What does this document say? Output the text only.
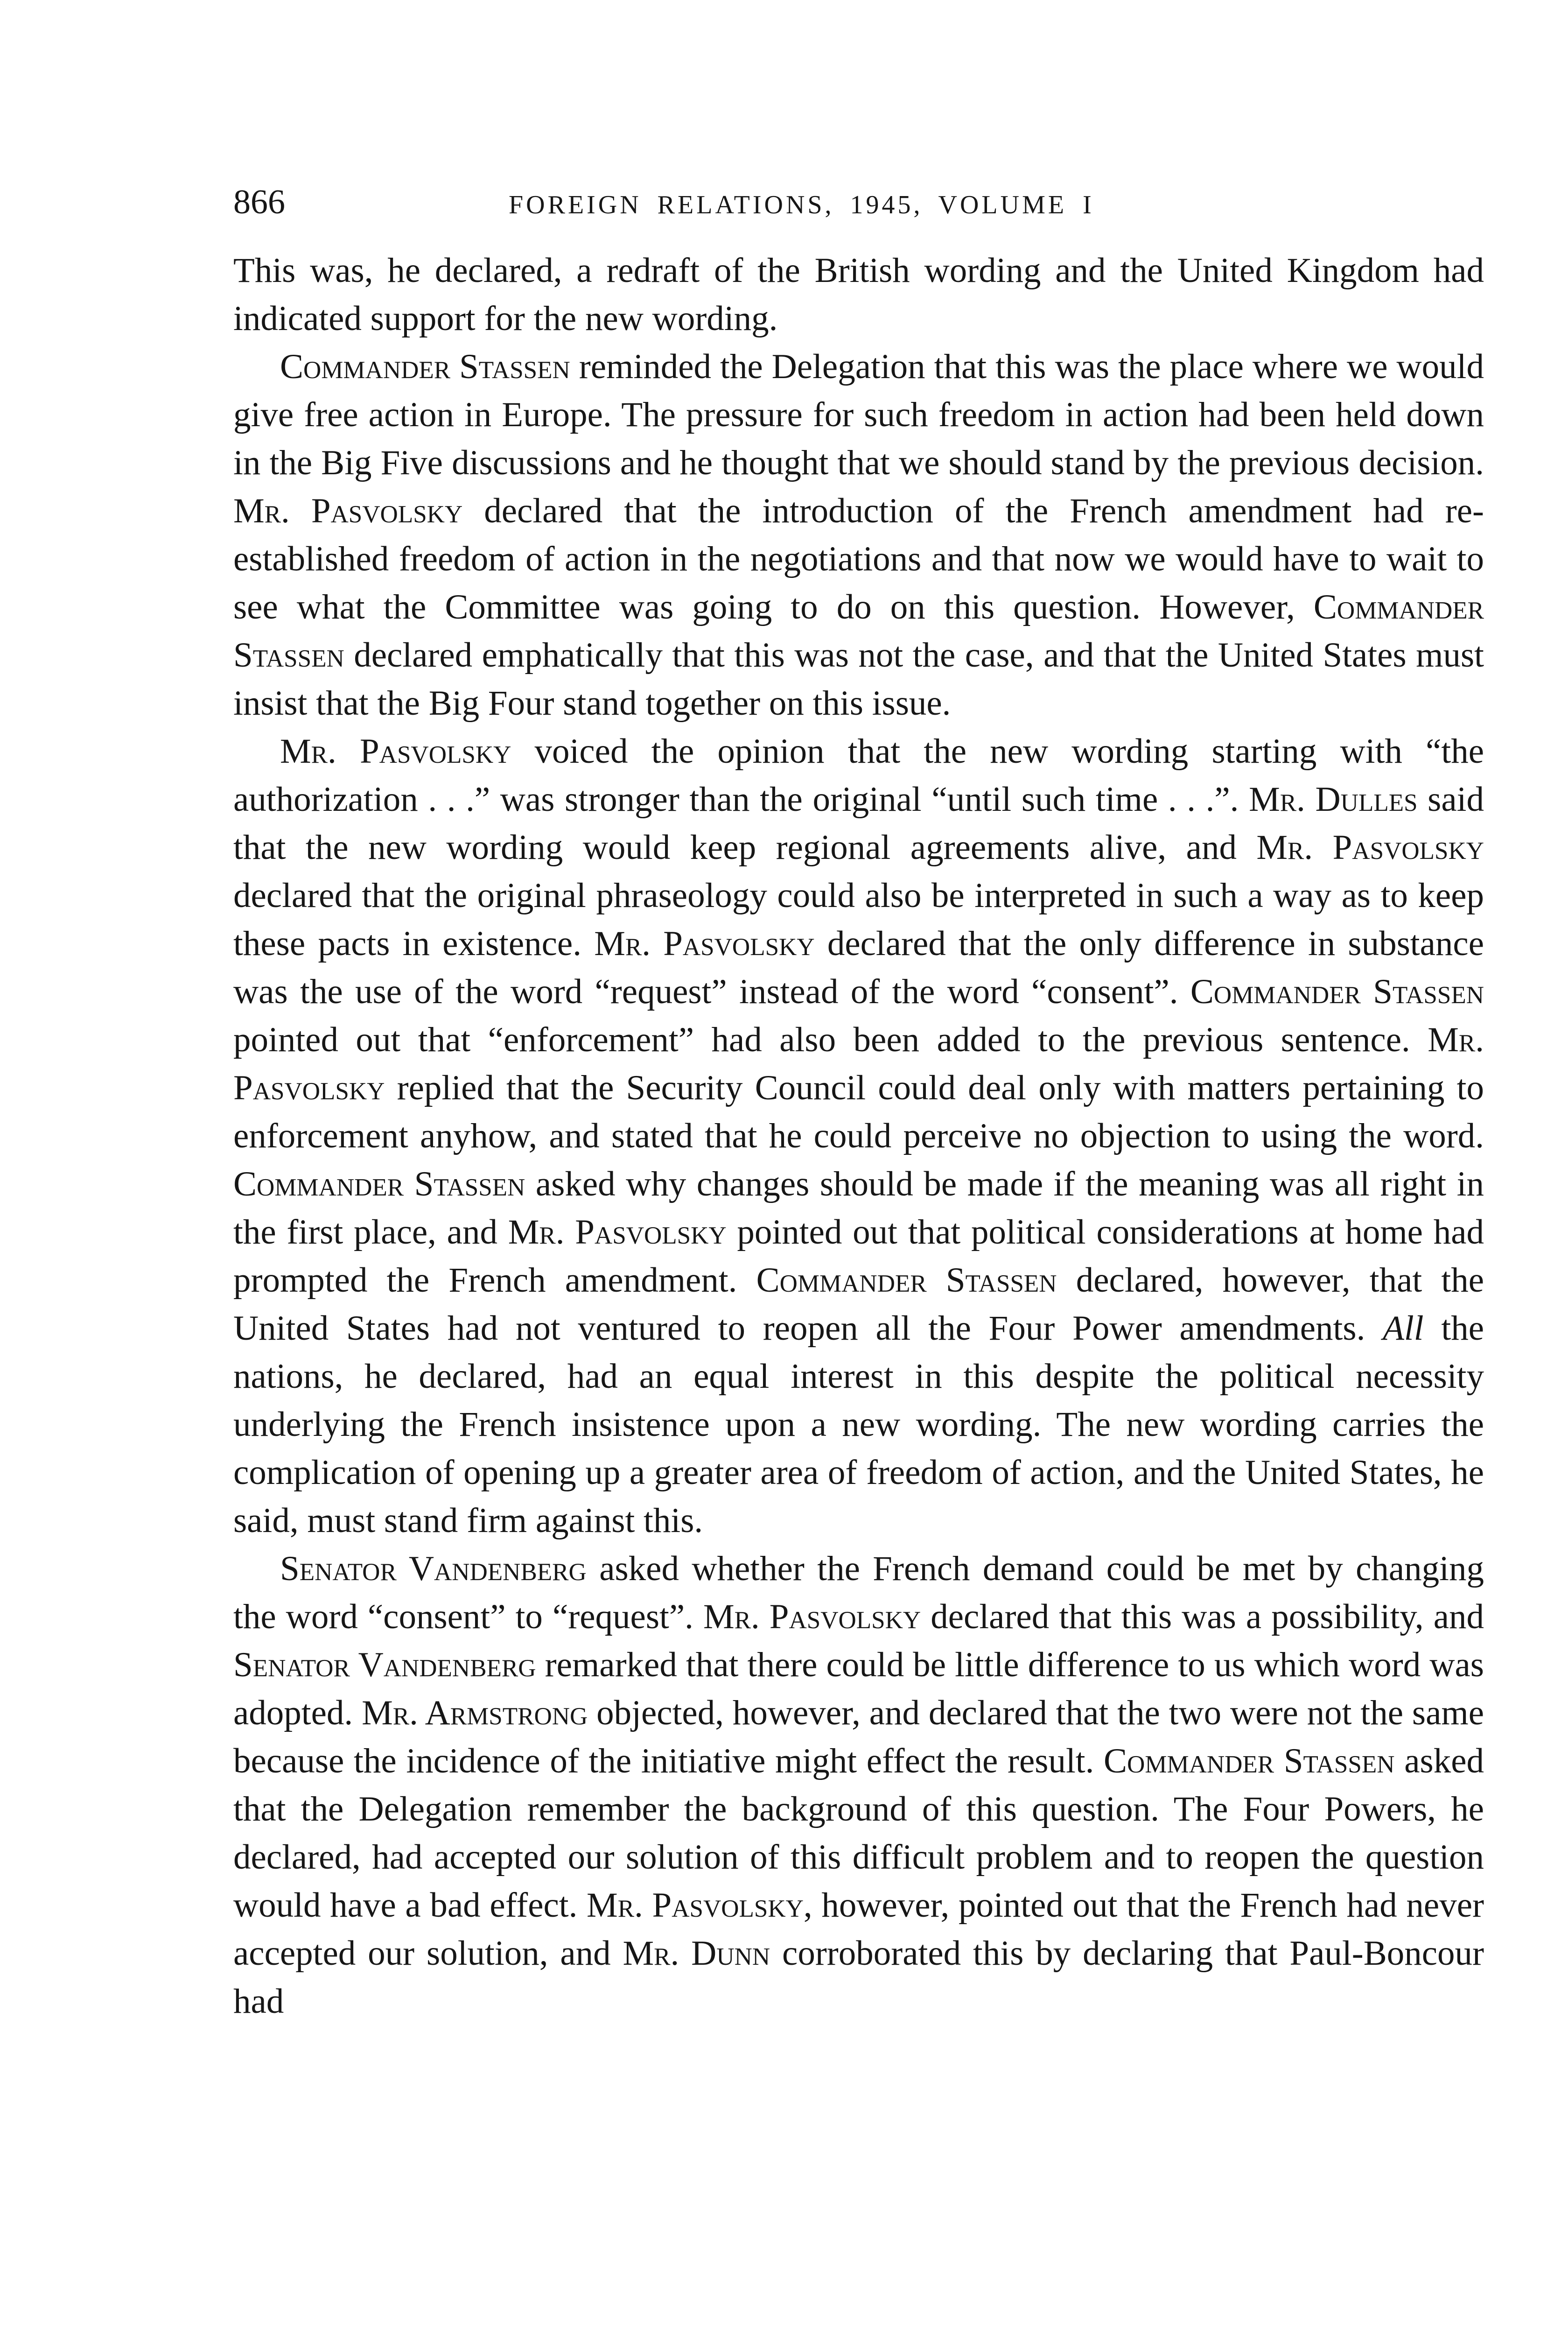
866	FOREIGN RELATIONS, 1945, VOLUME I

This was, he declared, a redraft of the British wording and the United Kingdom had indicated support for the new wording.

Commander Stassen reminded the Delegation that this was the place where we would give free action in Europe. The pressure for such freedom in action had been held down in the Big Five discussions and he thought that we should stand by the previous decision. Mr. Pasvolsky declared that the introduction of the French amendment had re-established freedom of action in the negotiations and that now we would have to wait to see what the Committee was going to do on this question. However, Commander Stassen declared emphatically that this was not the case, and that the United States must insist that the Big Four stand together on this issue.

Mr. Pasvolsky voiced the opinion that the new wording starting with “the authorization . . .” was stronger than the original “until such time . . .”. Mr. Dulles said that the new wording would keep regional agreements alive, and Mr. Pasvolsky declared that the original phraseology could also be interpreted in such a way as to keep these pacts in existence. Mr. Pasvolsky declared that the only difference in substance was the use of the word “request” instead of the word “consent”. Commander Stassen pointed out that “enforcement” had also been added to the previous sentence. Mr. Pasvolsky replied that the Security Council could deal only with matters pertaining to enforcement anyhow, and stated that he could perceive no objection to using the word. Commander Stassen asked why changes should be made if the meaning was all right in the first place, and Mr. Pasvolsky pointed out that political considerations at home had prompted the French amendment. Commander Stassen declared, however, that the United States had not ventured to reopen all the Four Power amendments. All the nations, he declared, had an equal interest in this despite the political necessity underlying the French insistence upon a new wording. The new wording carries the complication of opening up a greater area of freedom of action, and the United States, he said, must stand firm against this.

Senator Vandenberg asked whether the French demand could be met by changing the word “consent” to “request”. Mr. Pasvolsky declared that this was a possibility, and Senator Vandenberg remarked that there could be little difference to us which word was adopted. Mr. Armstrong objected, however, and declared that the two were not the same because the incidence of the initiative might effect the result. Commander Stassen asked that the Delegation remember the background of this question. The Four Powers, he declared, had accepted our solution of this difficult problem and to reopen the question would have a bad effect. Mr. Pasvolsky, however, pointed out that the French had never accepted our solution, and Mr. Dunn corroborated this by declaring that Paul-Boncour had
